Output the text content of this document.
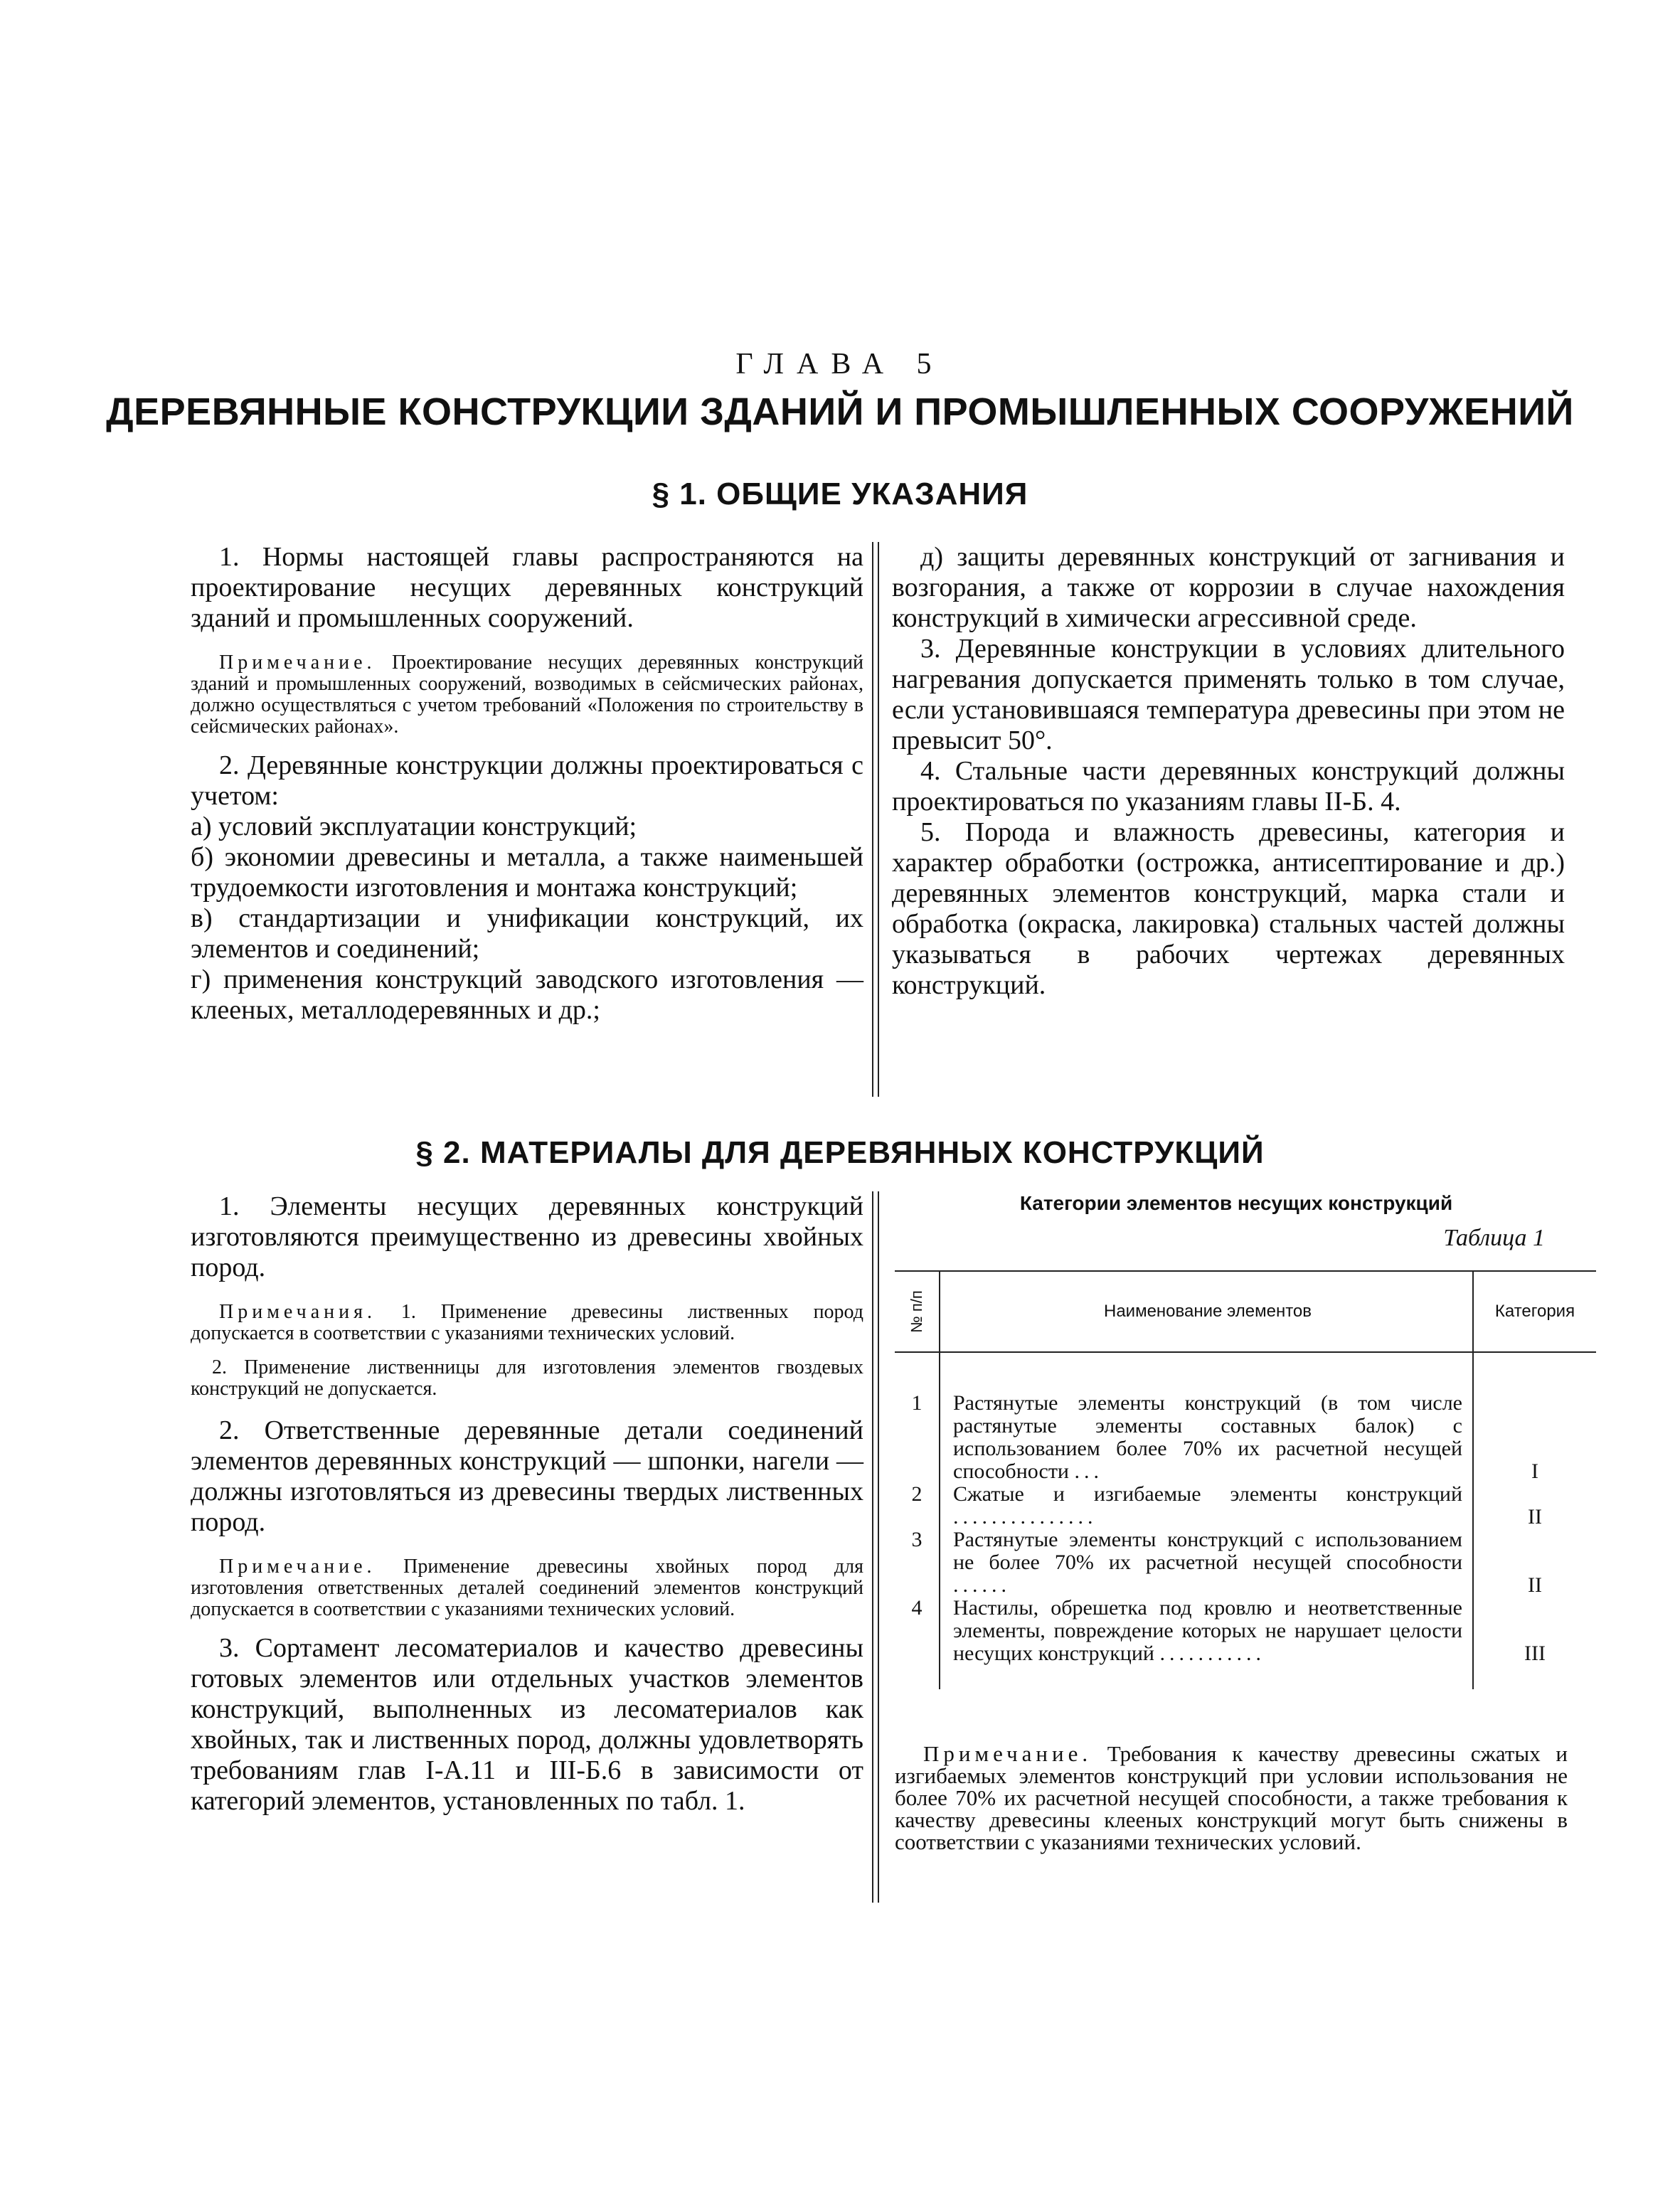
ГЛАВА 5
ДЕРЕВЯННЫЕ КОНСТРУКЦИИ ЗДАНИЙ И ПРОМЫШЛЕННЫХ СООРУЖЕНИЙ
§ 1. ОБЩИЕ УКАЗАНИЯ

1. Нормы настоящей главы распространяются на проектирование несущих деревянных конструкций зданий и промышленных сооружений.

Примечание. Проектирование несущих деревянных конструкций зданий и промышленных сооружений, возводимых в сейсмических районах, должно осуществляться с учетом требований «Положения по строительству в сейсмических районах».

2. Деревянные конструкции должны проектироваться с учетом:

а) условий эксплуатации конструкций;

б) экономии древесины и металла, а также наименьшей трудоемкости изготовления и монтажа конструкций;

в) стандартизации и унификации конструкций, их элементов и соединений;

г) применения конструкций заводского изготовления — клееных, металлодеревянных и др.;

д) защиты деревянных конструкций от загнивания и возгорания, а также от коррозии в случае нахождения конструкций в химически агрессивной среде.

3. Деревянные конструкции в условиях длительного нагревания допускается применять только в том случае, если установившаяся температура древесины при этом не превысит 50°.

4. Стальные части деревянных конструкций должны проектироваться по указаниям главы II-Б. 4.

5. Порода и влажность древесины, категория и характер обработки (острожка, антисептирование и др.) деревянных элементов конструкций, марка стали и обработка (окраска, лакировка) стальных частей должны указываться в рабочих чертежах деревянных конструкций.

§ 2. МАТЕРИАЛЫ ДЛЯ ДЕРЕВЯННЫХ КОНСТРУКЦИЙ

1. Элементы несущих деревянных конструкций изготовляются преимущественно из древесины хвойных пород.

Примечания. 1. Применение древесины лиственных пород допускается в соответствии с указаниями технических условий.
2. Применение лиственницы для изготовления элементов гвоздевых конструкций не допускается.

2. Ответственные деревянные детали соединений элементов деревянных конструкций — шпонки, нагели — должны изготовляться из древесины твердых лиственных пород.

Примечание. Применение древесины хвойных пород для изготовления ответственных деталей соединений элементов конструкций допускается в соответствии с указаниями технических условий.

3. Сортамент лесоматериалов и качество древесины готовых элементов или отдельных участков элементов конструкций, выполненных из лесоматериалов как хвойных, так и лиственных пород, должны удовлетворять требованиям глав I-А.11 и III-Б.6 в зависимости от категорий элементов, установленных по табл. 1.

Категории элементов несущих конструкций
Таблица 1
№ п/п	Наименование элементов	Категория

1	Растянутые элементы конструкций (в том числе растянутые элементы составных балок) с использованием более 70% их расчетной несущей способности ...	I
2	Сжатые и изгибаемые элементы конструкций ...............	II
3	Растянутые элементы конструкций с использованием не более 70% их расчетной несущей способности ......	II
4	Настилы, обрешетка под кровлю и неответственные элементы, повреждение которых не нарушает целости несущих конструкций ...........	III

Примечание. Требования к качеству древесины сжатых и изгибаемых элементов конструкций при условии использования не более 70% их расчетной несущей способности, а также требования к качеству древесины клееных конструкций могут быть снижены в соответствии с указаниями технических условий.
